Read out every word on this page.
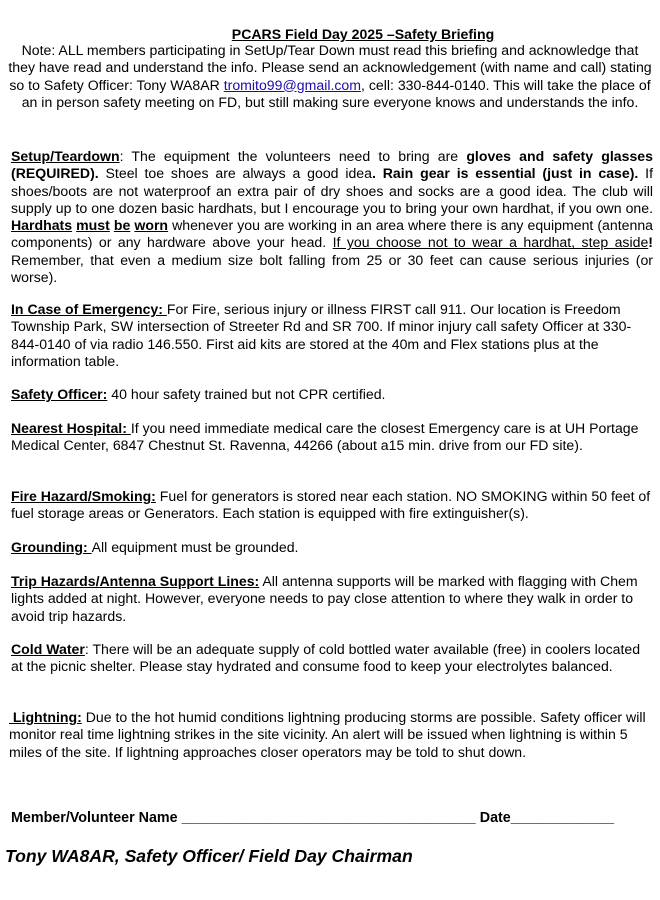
PCARS Field Day 2025 –Safety Briefing
Note: ALL members participating in SetUp/Tear Down must read this briefing and acknowledge that they have read and understand the info. Please send an acknowledgement (with name and call) stating so to Safety Officer: Tony WA8AR tromito99@gmail.com, cell: 330-844-0140. This will take the place of an in person safety meeting on FD, but still making sure everyone knows and understands the info.
Setup/Teardown: The equipment the volunteers need to bring are gloves and safety glasses (REQUIRED). Steel toe shoes are always a good idea. Rain gear is essential (just in case). If shoes/boots are not waterproof an extra pair of dry shoes and socks are a good idea. The club will supply up to one dozen basic hardhats, but I encourage you to bring your own hardhat, if you own one. Hardhats must be worn whenever you are working in an area where there is any equipment (antenna components) or any hardware above your head. If you choose not to wear a hardhat, step aside! Remember, that even a medium size bolt falling from 25 or 30 feet can cause serious injuries (or worse).
In Case of Emergency: For Fire, serious injury or illness FIRST call 911. Our location is Freedom Township Park, SW intersection of Streeter Rd and SR 700. If minor injury call safety Officer at 330-844-0140 of via radio 146.550. First aid kits are stored at the 40m and Flex stations plus at the information table.
Safety Officer: 40 hour safety trained but not CPR certified.
Nearest Hospital: If you need immediate medical care the closest Emergency care is at UH Portage Medical Center, 6847 Chestnut St. Ravenna, 44266 (about a15 min. drive from our FD site).
Fire Hazard/Smoking: Fuel for generators is stored near each station. NO SMOKING within 50 feet of fuel storage areas or Generators. Each station is equipped with fire extinguisher(s).
Grounding: All equipment must be grounded.
Trip Hazards/Antenna Support Lines: All antenna supports will be marked with flagging with Chem lights added at night. However, everyone needs to pay close attention to where they walk in order to avoid trip hazards.
Cold Water: There will be an adequate supply of cold bottled water available (free) in coolers located at the picnic shelter. Please stay hydrated and consume food to keep your electrolytes balanced.
Lightning: Due to the hot humid conditions lightning producing storms are possible. Safety officer will monitor real time lightning strikes in the site vicinity. An alert will be issued when lightning is within 5 miles of the site. If lightning approaches closer operators may be told to shut down.
Member/Volunteer Name _____________________________________ Date_____________
Tony WA8AR, Safety Officer/ Field Day Chairman
